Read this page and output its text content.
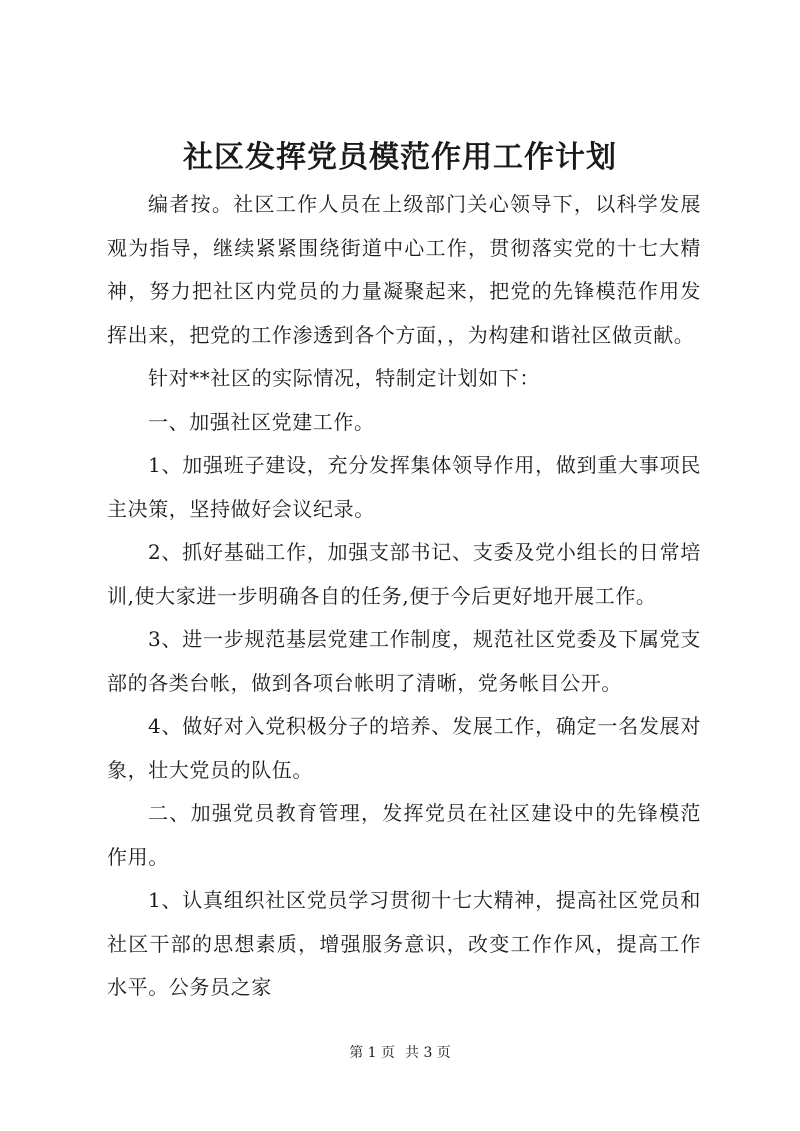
社区发挥党员模范作用工作计划

编者按。社区工作人员在上级部门关心领导下，以科学发展观为指导，继续紧紧围绕街道中心工作，贯彻落实党的十七大精神，努力把社区内党员的力量凝聚起来，把党的先锋模范作用发挥出来，把党的工作渗透到各个方面，，为构建和谐社区做贡献。

针对**社区的实际情况，特制定计划如下：

一、加强社区党建工作。

1、加强班子建设，充分发挥集体领导作用，做到重大事项民主决策，坚持做好会议纪录。

2、抓好基础工作，加强支部书记、支委及党小组长的日常培训,使大家进一步明确各自的任务,便于今后更好地开展工作。

3、进一步规范基层党建工作制度，规范社区党委及下属党支部的各类台帐，做到各项台帐明了清晰，党务帐目公开。

4、做好对入党积极分子的培养、发展工作，确定一名发展对象，壮大党员的队伍。

二、加强党员教育管理，发挥党员在社区建设中的先锋模范作用。

1、认真组织社区党员学习贯彻十七大精神，提高社区党员和社区干部的思想素质，增强服务意识，改变工作作风，提高工作水平。公务员之家

第 1 页 共 3 页
